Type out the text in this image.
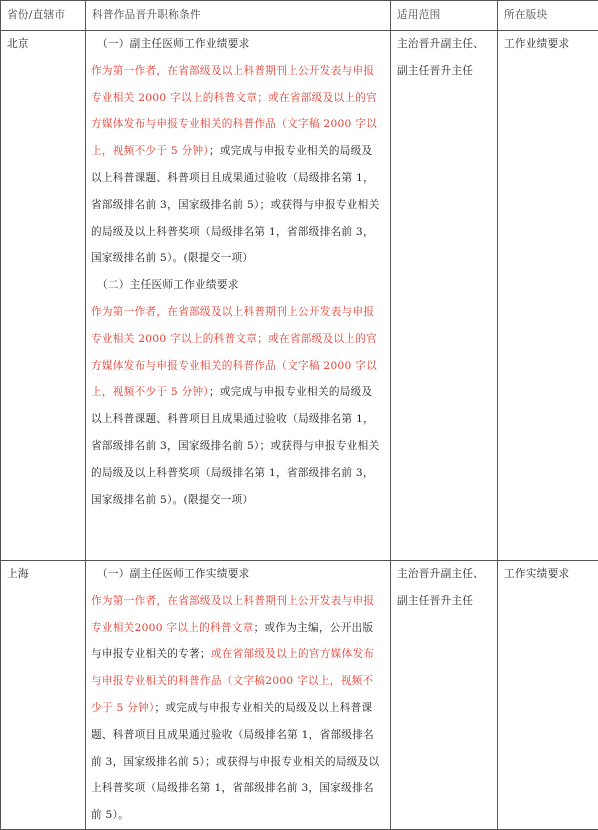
省份/直辖市	科普作品晋升职称条件	适用范围	所在版块
北京	（一）副主任医师工作业绩要求
作为第一作者，在省部级及以上科普期刊上公开发表与申报专业相关 2000 字以上的科普文章；或在省部级及以上的官方媒体发布与申报专业相关的科普作品（文字稿 2000 字以上，视频不少于 5 分钟）；或完成与申报专业相关的局级及以上科普课题、科普项目且成果通过验收（局级排名第 1，省部级排名前 3，国家级排名前 5）；或获得与申报专业相关的局级及以上科普奖项（局级排名第 1，省部级排名前 3，国家级排名前 5）。(限提交一项）
（二）主任医师工作业绩要求
作为第一作者，在省部级及以上科普期刊上公开发表与申报专业相关 2000 字以上的科普文章；或在省部级及以上的官方媒体发布与申报专业相关的科普作品（文字稿 2000 字以上，视频不少于 5 分钟）；或完成与申报专业相关的局级及以上科普课题、科普项目且成果通过验收（局级排名第 1，省部级排名前 3，国家级排名前 5）；或获得与申报专业相关的局级及以上科普奖项（局级排名第 1，省部级排名前 3，国家级排名前 5）。(限提交一项）	主治晋升副主任、副主任晋升主任	工作业绩要求
上海	（一）副主任医师工作实绩要求
作为第一作者，在省部级及以上科普期刊上公开发表与申报专业相关2000 字以上的科普文章；或作为主编，公开出版与申报专业相关的专著；或在省部级及以上的官方媒体发布与申报专业相关的科普作品（文字稿2000 字以上，视频不少于 5 分钟）；或完成与申报专业相关的局级及以上科普课题、科普项目且成果通过验收（局级排名第 1，省部级排名前 3，国家级排名前 5）；或获得与申报专业相关的局级及以上科普奖项（局级排名第 1，省部级排名前 3，国家级排名前 5）。	主治晋升副主任、副主任晋升主任	工作实绩要求
